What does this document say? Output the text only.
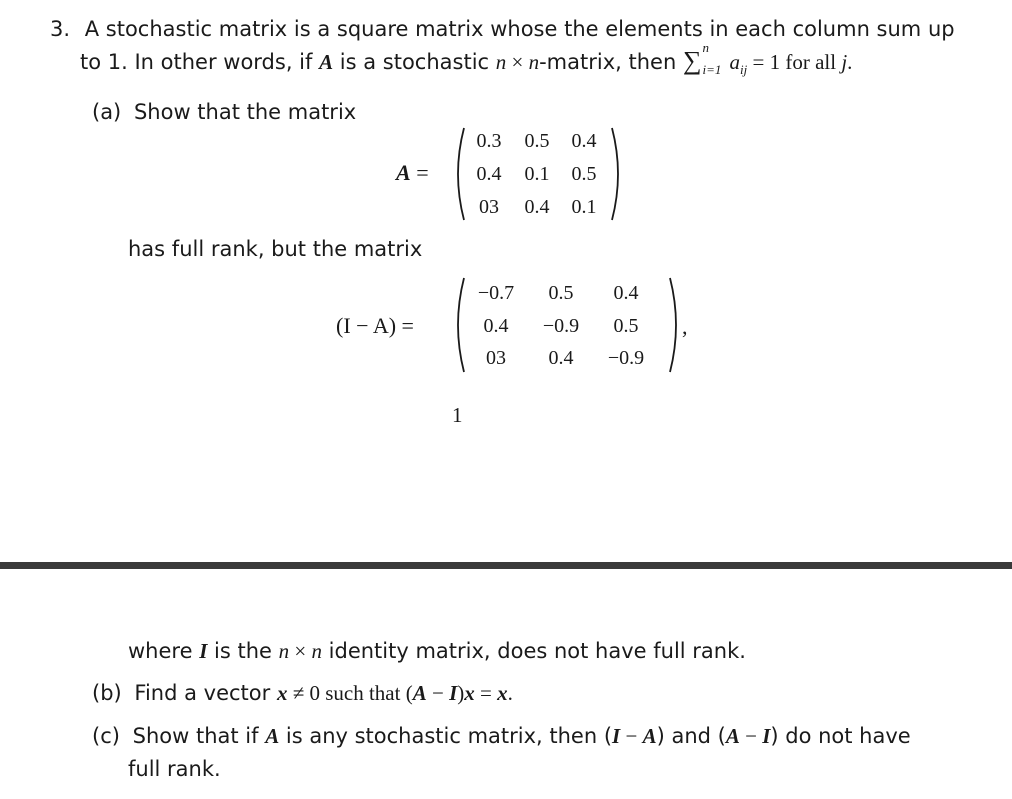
3. A stochastic matrix is a square matrix whose the elements in each column sum up
to 1. In other words, if A is a stochastic n × n-matrix, then ∑ n
i=1 $a_{ij} = 1$ for all j.
(a) Show that the matrix
A =
0.3	0.5	0.4
0.4	0.1	0.5
03	0.4	0.1
has full rank, but the matrix
(I − A) =
−0.7	0.5	0.4
0.4	−0.9	0.5
03	0.4	−0.9
,
1
where I is the n × n identity matrix, does not have full rank.
(b) Find a vector x ≠ 0 such that (A − I)x = x.
(c) Show that if A is any stochastic matrix, then (I − A) and (A − I) do not have
full rank.
